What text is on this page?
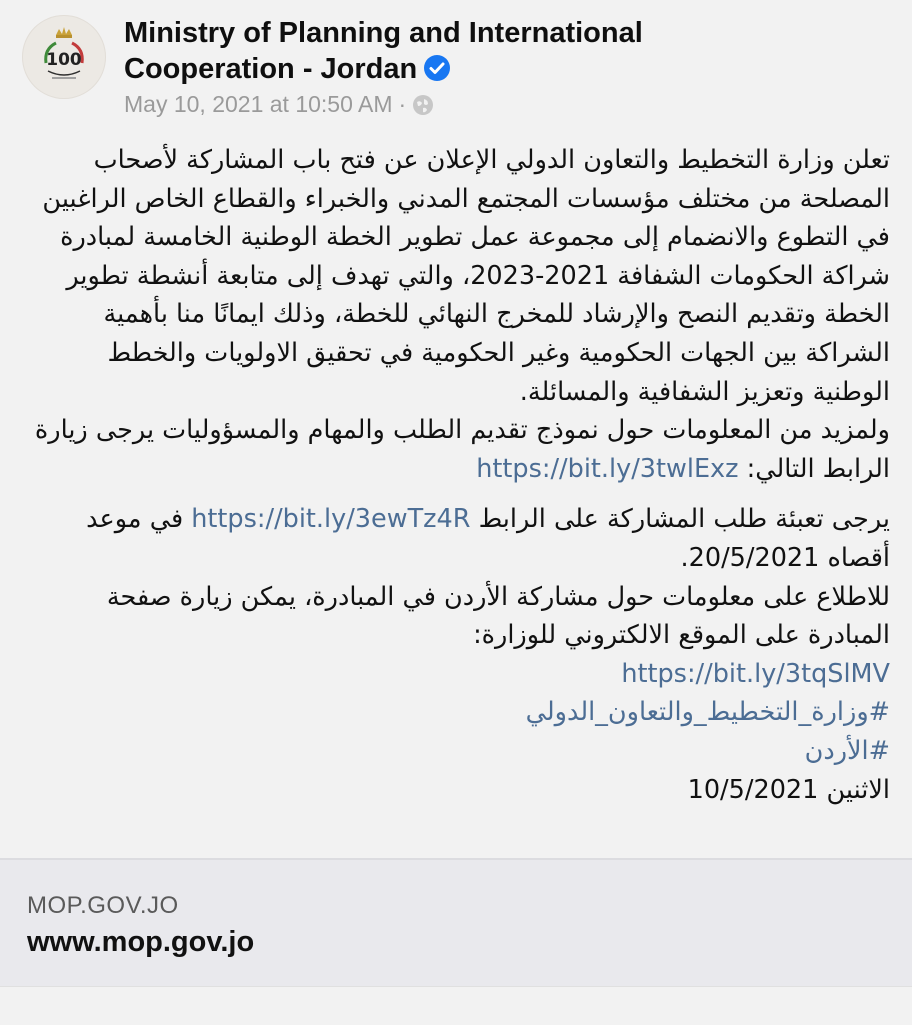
100
Ministry of Planning and International Cooperation - Jordan
May 10, 2021 at 10:50 AM ·

تعلن وزارة التخطيط والتعاون الدولي الإعلان عن فتح باب المشاركة لأصحاب المصلحة من مختلف مؤسسات المجتمع المدني والخبراء والقطاع الخاص الراغبين في التطوع والانضمام إلى مجموعة عمل تطوير الخطة الوطنية الخامسة لمبادرة شراكة الحكومات الشفافة 2021-2023، والتي تهدف إلى متابعة أنشطة تطوير الخطة وتقديم النصح والإرشاد للمخرج النهائي للخطة، وذلك ايمانًا منا بأهمية الشراكة بين الجهات الحكومية وغير الحكومية في تحقيق الاولويات والخطط الوطنية وتعزيز الشفافية والمسائلة.

ولمزيد من المعلومات حول نموذج تقديم الطلب والمهام والمسؤوليات يرجى زيارة الرابط التالي: https://bit.ly/3twlExz

يرجى تعبئة طلب المشاركة على الرابط https://bit.ly/3ewTz4R في موعد أقصاه 20/5/2021.

للاطلاع على معلومات حول مشاركة الأردن في المبادرة، يمكن زيارة صفحة المبادرة على الموقع الالكتروني للوزارة:

https://bit.ly/3tqSlMV

#وزارة_التخطيط_والتعاون_الدولي

#الأردن

الاثنين 10/5/2021

MOP.GOV.JO
www.mop.gov.jo
